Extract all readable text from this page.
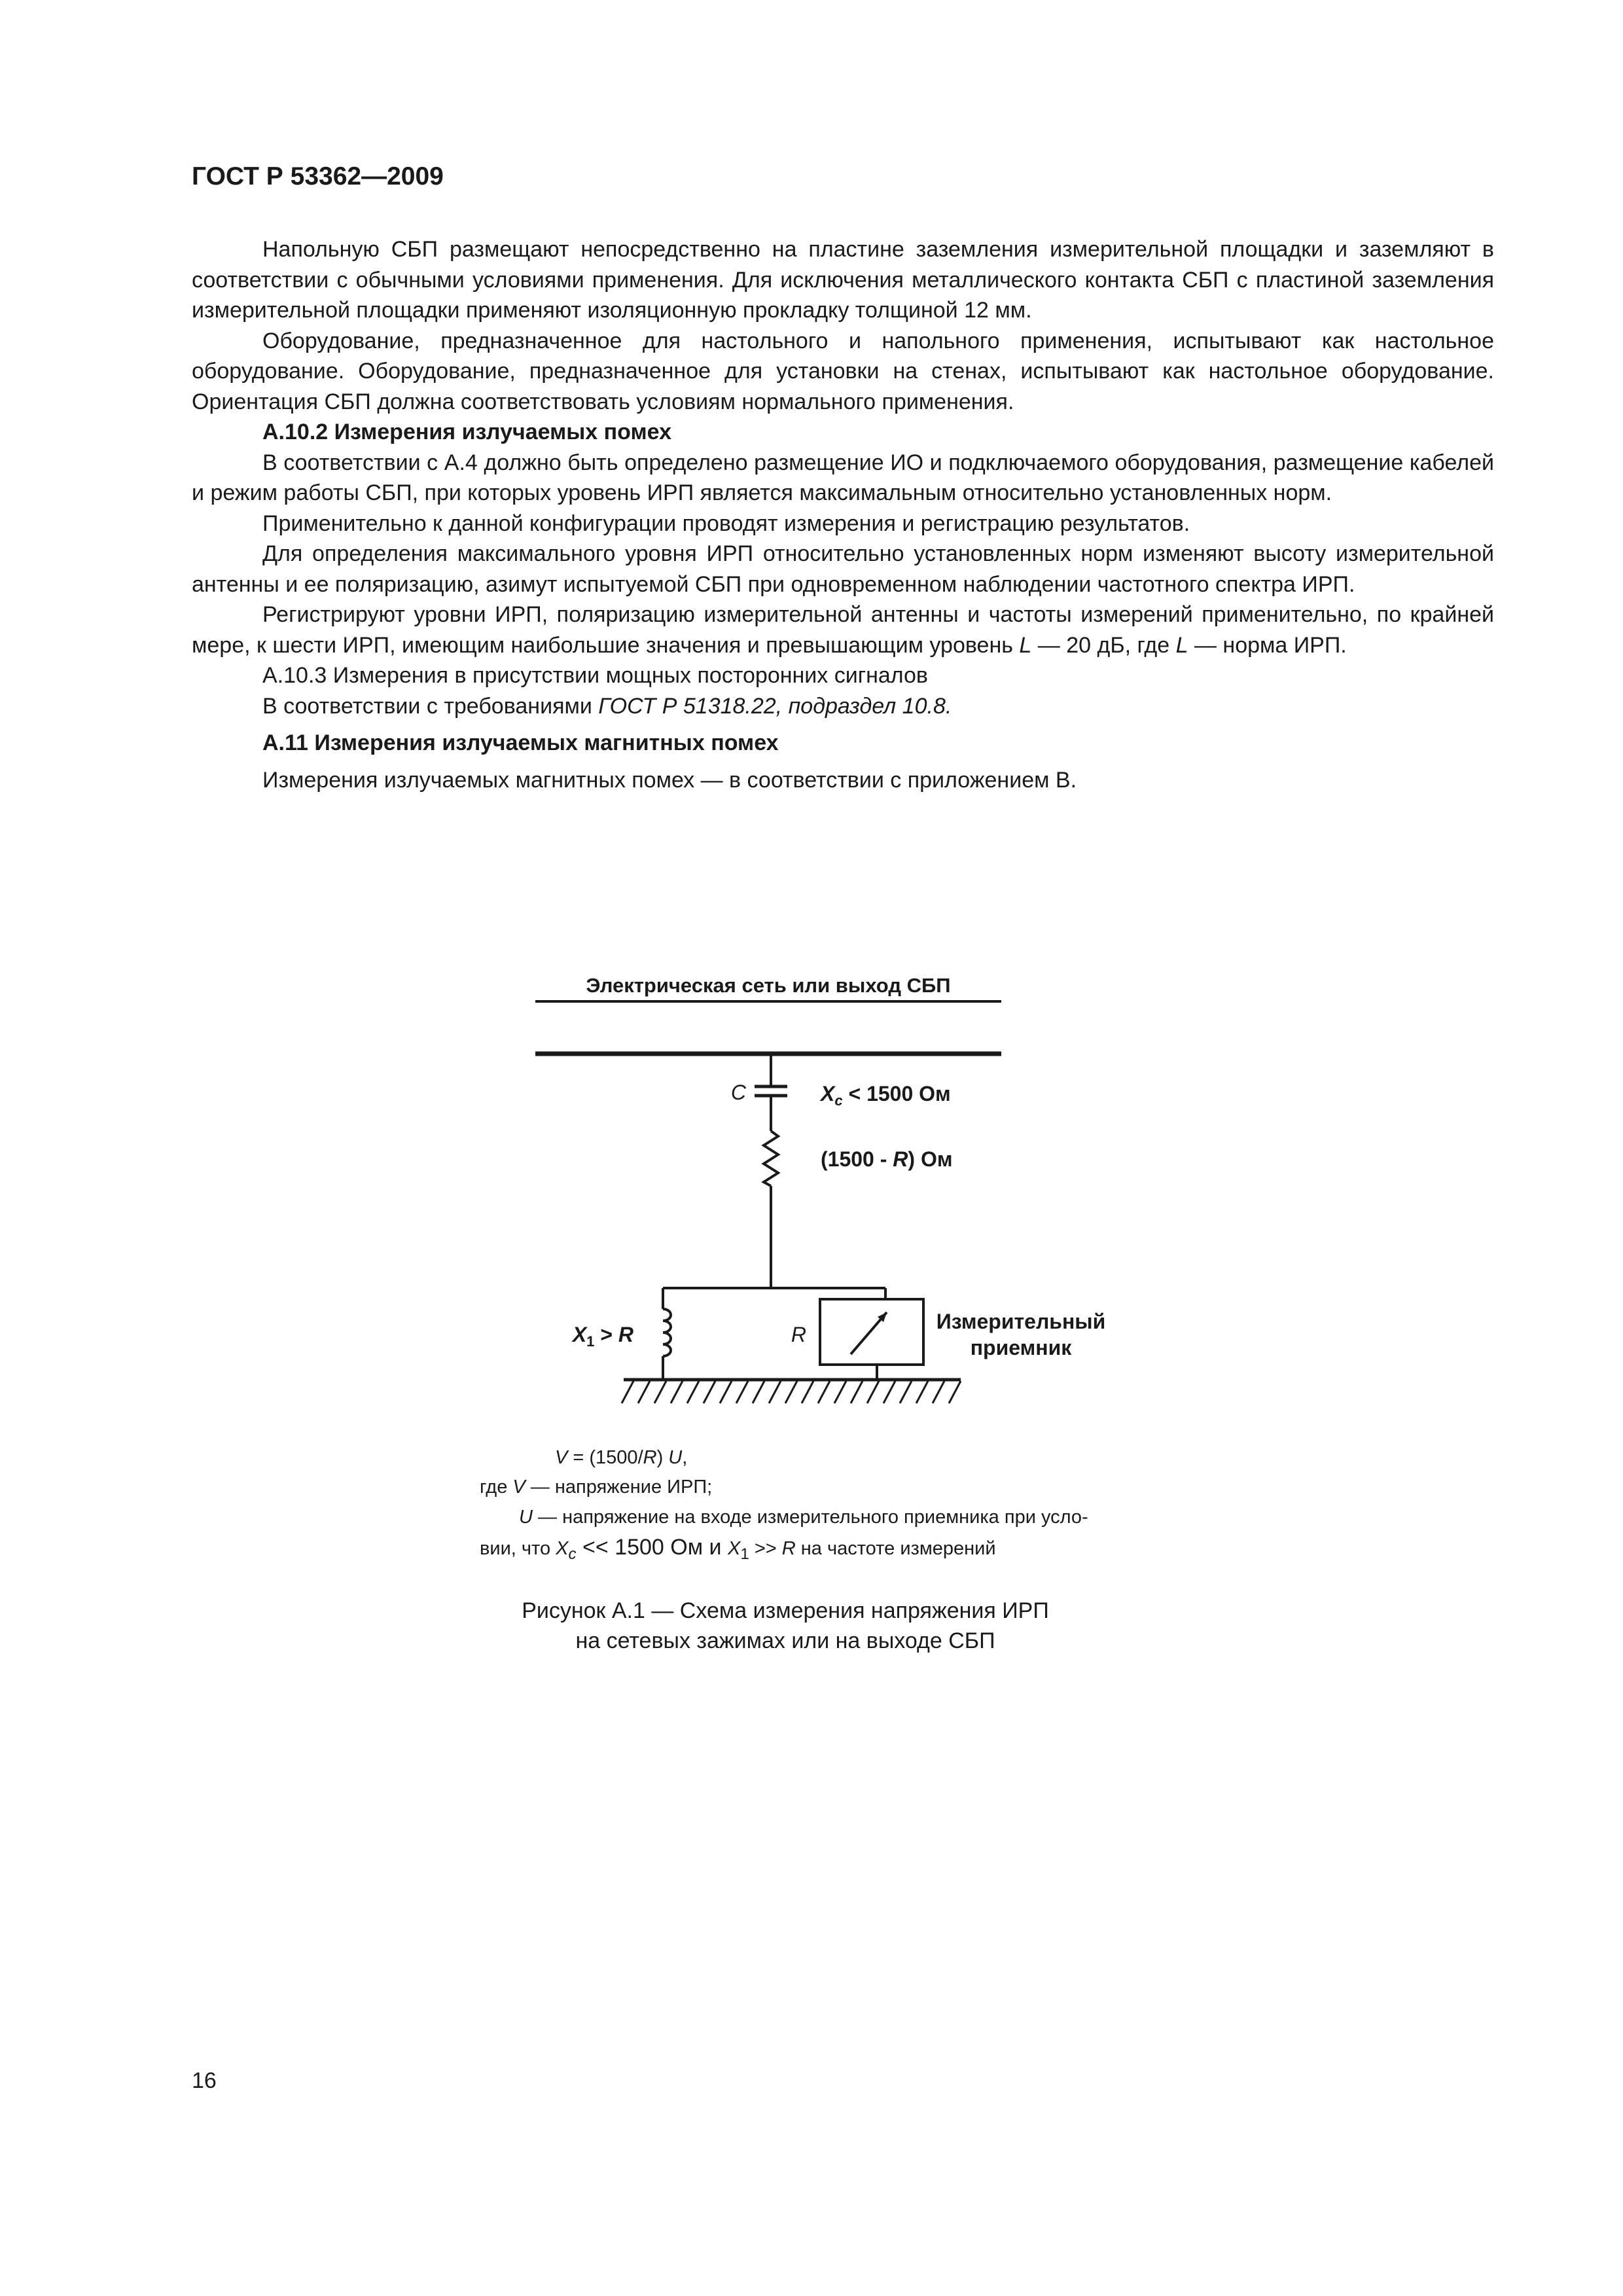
ГОСТ Р 53362—2009

Напольную СБП размещают непосредственно на пластине заземления измерительной площадки и заземляют в соответствии с обычными условиями применения. Для исключения металлического контакта СБП с пластиной заземления измерительной площадки применяют изоляционную прокладку толщиной 12 мм.

Оборудование, предназначенное для настольного и напольного применения, испытывают как настольное оборудование. Оборудование, предназначенное для установки на стенах, испытывают как настольное оборудование. Ориентация СБП должна соответствовать условиям нормального применения.

А.10.2 Измерения излучаемых помех

В соответствии с А.4 должно быть определено размещение ИО и подключаемого оборудования, размещение кабелей и режим работы СБП, при которых уровень ИРП является максимальным относительно установленных норм.

Применительно к данной конфигурации проводят измерения и регистрацию результатов.

Для определения максимального уровня ИРП относительно установленных норм изменяют высоту измерительной антенны и ее поляризацию, азимут испытуемой СБП при одновременном наблюдении частотного спектра ИРП.

Регистрируют уровни ИРП, поляризацию измерительной антенны и частоты измерений применительно, по крайней мере, к шести ИРП, имеющим наибольшие значения и превышающим уровень L — 20 дБ, где L — норма ИРП.

А.10.3 Измерения в присутствии мощных посторонних сигналов

В соответствии с требованиями ГОСТ Р 51318.22, подраздел 10.8.

А.11 Измерения излучаемых магнитных помех

Измерения излучаемых магнитных помех — в соответствии с приложением В.

Электрическая сеть или выход СБП
C	$X_c < 1500$ Ом
(1500 - R) Ом
$X_1 > R$	R
Измерительный
приемник
V = (1500/R) U,
где V — напряжение ИРП;
U — напряжение на входе измерительного приемника при усло-
вии, что $X_c << 1500$ Ом и $X_1 >> R$ на частоте измерений
Рисунок А.1 — Схема измерения напряжения ИРП
на сетевых зажимах или на выходе СБП
16
